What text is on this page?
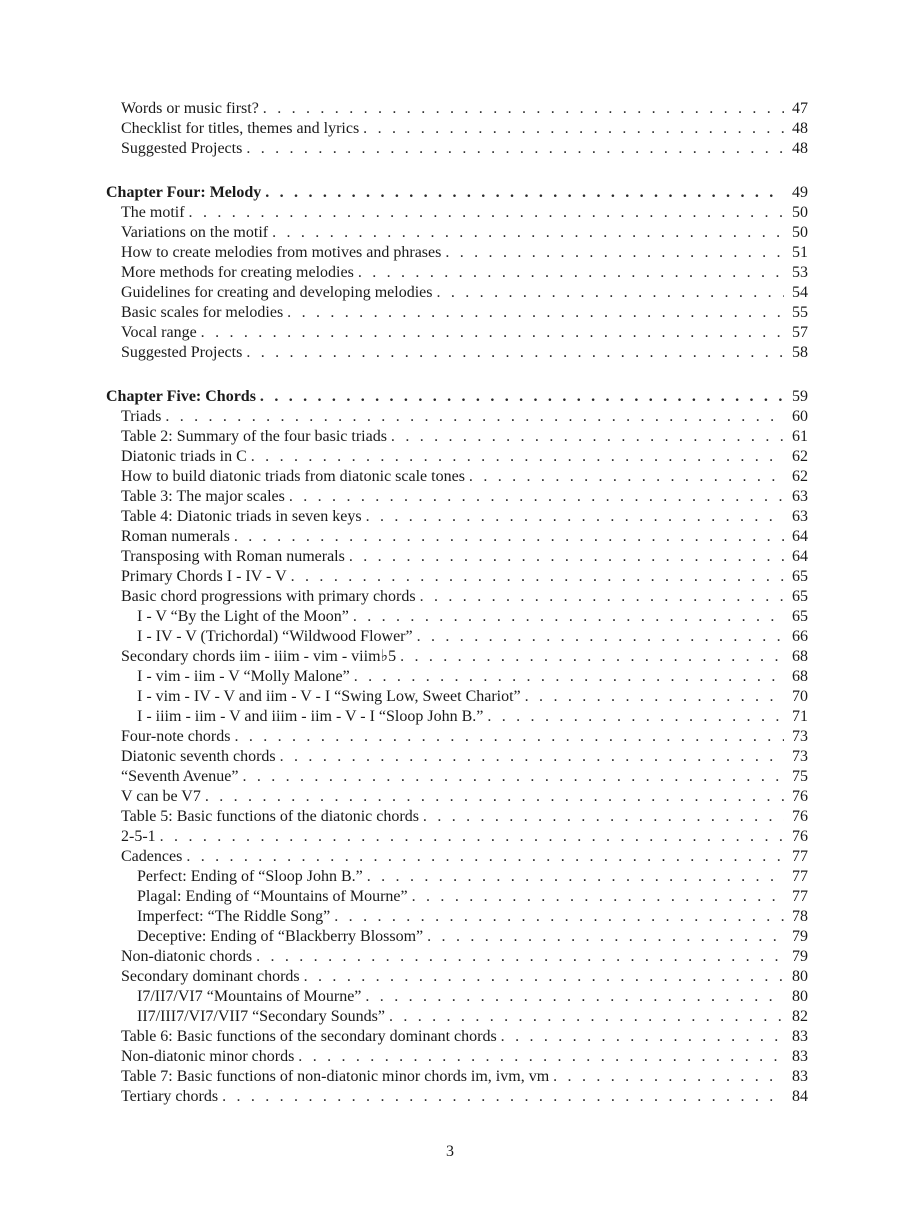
Words or music first? . . .	47
Checklist for titles, themes and lyrics . . .	48
Suggested Projects . . .	48
Chapter Four: Melody . . .	49
The motif . . .	50
Variations on the motif . . .	50
How to create melodies from motives and phrases . . .	51
More methods for creating melodies . . .	53
Guidelines for creating and developing melodies . . .	54
Basic scales for melodies . . .	55
Vocal range . . .	57
Suggested Projects . . .	58
Chapter Five: Chords . . .	59
Triads . . .	60
Table 2: Summary of the four basic triads . . .	61
Diatonic triads in C . . .	62
How to build diatonic triads from diatonic scale tones . . .	62
Table 3: The major scales . . .	63
Table 4: Diatonic triads in seven keys . . .	63
Roman numerals . . .	64
Transposing with Roman numerals . . .	64
Primary Chords I - IV - V . . .	65
Basic chord progressions with primary chords . . .	65
I - V “By the Light of the Moon” . . .	65
I - IV - V (Trichordal) “Wildwood Flower” . . .	66
Secondary chords iim - iiim - vim - viim♭5 . . .	68
I - vim - iim - V “Molly Malone” . . .	68
I - vim - IV - V and iim - V - I “Swing Low, Sweet Chariot” . . .	70
I - iiim - iim - V and iiim - iim - V - I “Sloop John B.” . . .	71
Four-note chords . . .	73
Diatonic seventh chords . . .	73
“Seventh Avenue” . . .	75
V can be V7 . . .	76
Table 5: Basic functions of the diatonic chords . . .	76
2-5-1 . . .	76
Cadences . . .	77
Perfect: Ending of “Sloop John B.” . . .	77
Plagal: Ending of “Mountains of Mourne” . . .	77
Imperfect: “The Riddle Song” . . .	78
Deceptive: Ending of “Blackberry Blossom” . . .	79
Non-diatonic chords . . .	79
Secondary dominant chords . . .	80
I7/II7/VI7 “Mountains of Mourne” . . .	80
II7/III7/VI7/VII7 “Secondary Sounds” . . .	82
Table 6: Basic functions of the secondary dominant chords . . .	83
Non-diatonic minor chords . . .	83
Table 7: Basic functions of non-diatonic minor chords im, ivm, vm . . .	83
Tertiary chords . . .	84
3
